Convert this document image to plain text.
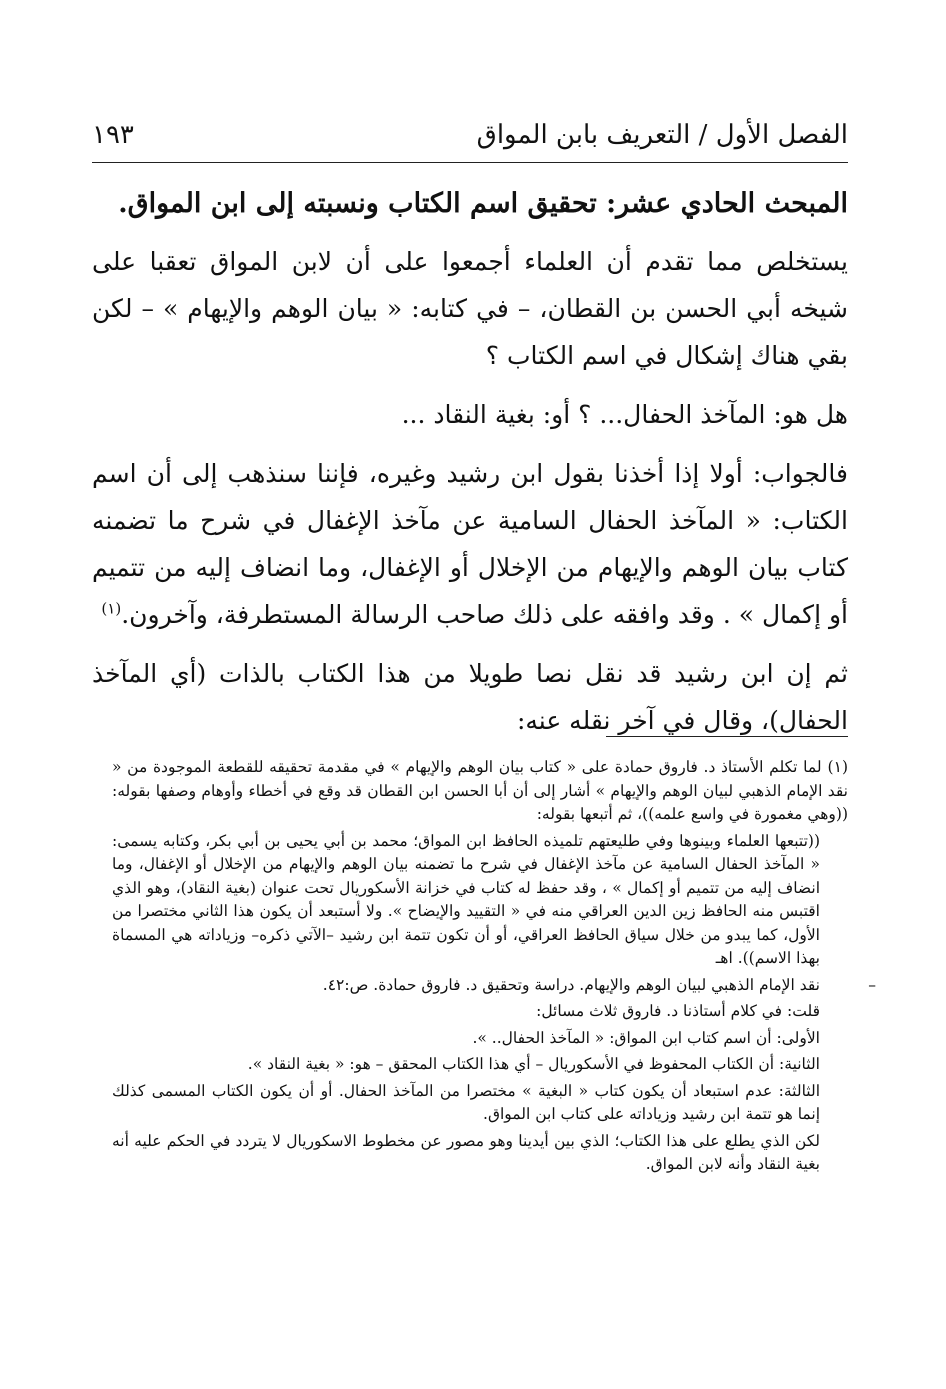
الفصل الأول / التعريف بابن المواق
١٩٣
المبحث الحادي عشر: تحقيق اسم الكتاب ونسبته إلى ابن المواق.

يستخلص مما تقدم أن العلماء أجمعوا على أن لابن المواق تعقبا على شيخه أبي الحسن بن القطان، – في كتابه: « بيان الوهم والإيهام » – لكن بقي هناك إشكال في اسم الكتاب ؟

هل هو: المآخذ الحفال... ؟ أو: بغية النقاد ...

فالجواب: أولا إذا أخذنا بقول ابن رشيد وغيره، فإننا سنذهب إلى أن اسم الكتاب: « المآخذ الحفال السامية عن مآخذ الإغفال في شرح ما تضمنه كتاب بيان الوهم والإيهام من الإخلال أو الإغفال، وما انضاف إليه من تتميم أو إكمال » . وقد وافقه على ذلك صاحب الرسالة المستطرفة، وآخرون.$^{(١)}$

ثم إن ابن رشيد قد نقل نصا طويلا من هذا الكتاب بالذات (أي المآخذ الحفال)، وقال في آخر نقله عنه:

(١)لما تكلم الأستاذ د. فاروق حمادة على « كتاب بيان الوهم والإيهام » في مقدمة تحقيقه للقطعة الموجودة من « نقد الإمام الذهبي لبيان الوهم والإيهام » أشار إلى أن أبا الحسن ابن القطان قد وقع في أخطاء وأوهام وصفها بقوله: ((وهي مغمورة في واسع علمه))، ثم أتبعها بقوله:

((تتبعها العلماء وبينوها وفي طليعتهم تلميذه الحافظ ابن المواق؛ محمد بن أبي يحيى بن أبي بكر، وكتابه يسمى: « المآخذ الحفال السامية عن مآخذ الإغفال في شرح ما تضمنه بيان الوهم والإيهام من الإخلال أو الإغفال، وما انضاف إليه من تتميم أو إكمال » ، وقد حفظ له كتاب في خزانة الأسكوريال تحت عنوان (بغية النقاد)، وهو الذي اقتبس منه الحافظ زين الدين العراقي منه في « التقييد والإيضاح ». ولا أستبعد أن يكون هذا الثاني مختصرا من الأول، كما يبدو من خلال سياق الحافظ العراقي، أو أن تكون تتمة ابن رشيد –الآتي ذكره– وزياداته هي المسماة بهذا الاسم)). اهـ

–
نقد الإمام الذهبي لبيان الوهم والإيهام. دراسة وتحقيق د. فاروق حمادة. ص:٤٢.

قلت: في كلام أستاذنا د. فاروق ثلاث مسائل:

الأولى: أن اسم كتاب ابن المواق: « المآخذ الحفال.. ».

الثانية: أن الكتاب المحفوظ في الأسكوريال – أي هذا الكتاب المحقق – هو: « بغية النقاد ».

الثالثة: عدم استبعاد أن يكون كتاب « البغية » مختصرا من المآخذ الحفال. أو أن يكون الكتاب المسمى كذلك إنما هو تتمة ابن رشيد وزياداته على كتاب ابن المواق.

لكن الذي يطلع على هذا الكتاب؛ الذي بين أيدينا وهو مصور عن مخطوط الاسكوريال لا يتردد في الحكم عليه أنه بغية النقاد وأنه لابن المواق.
